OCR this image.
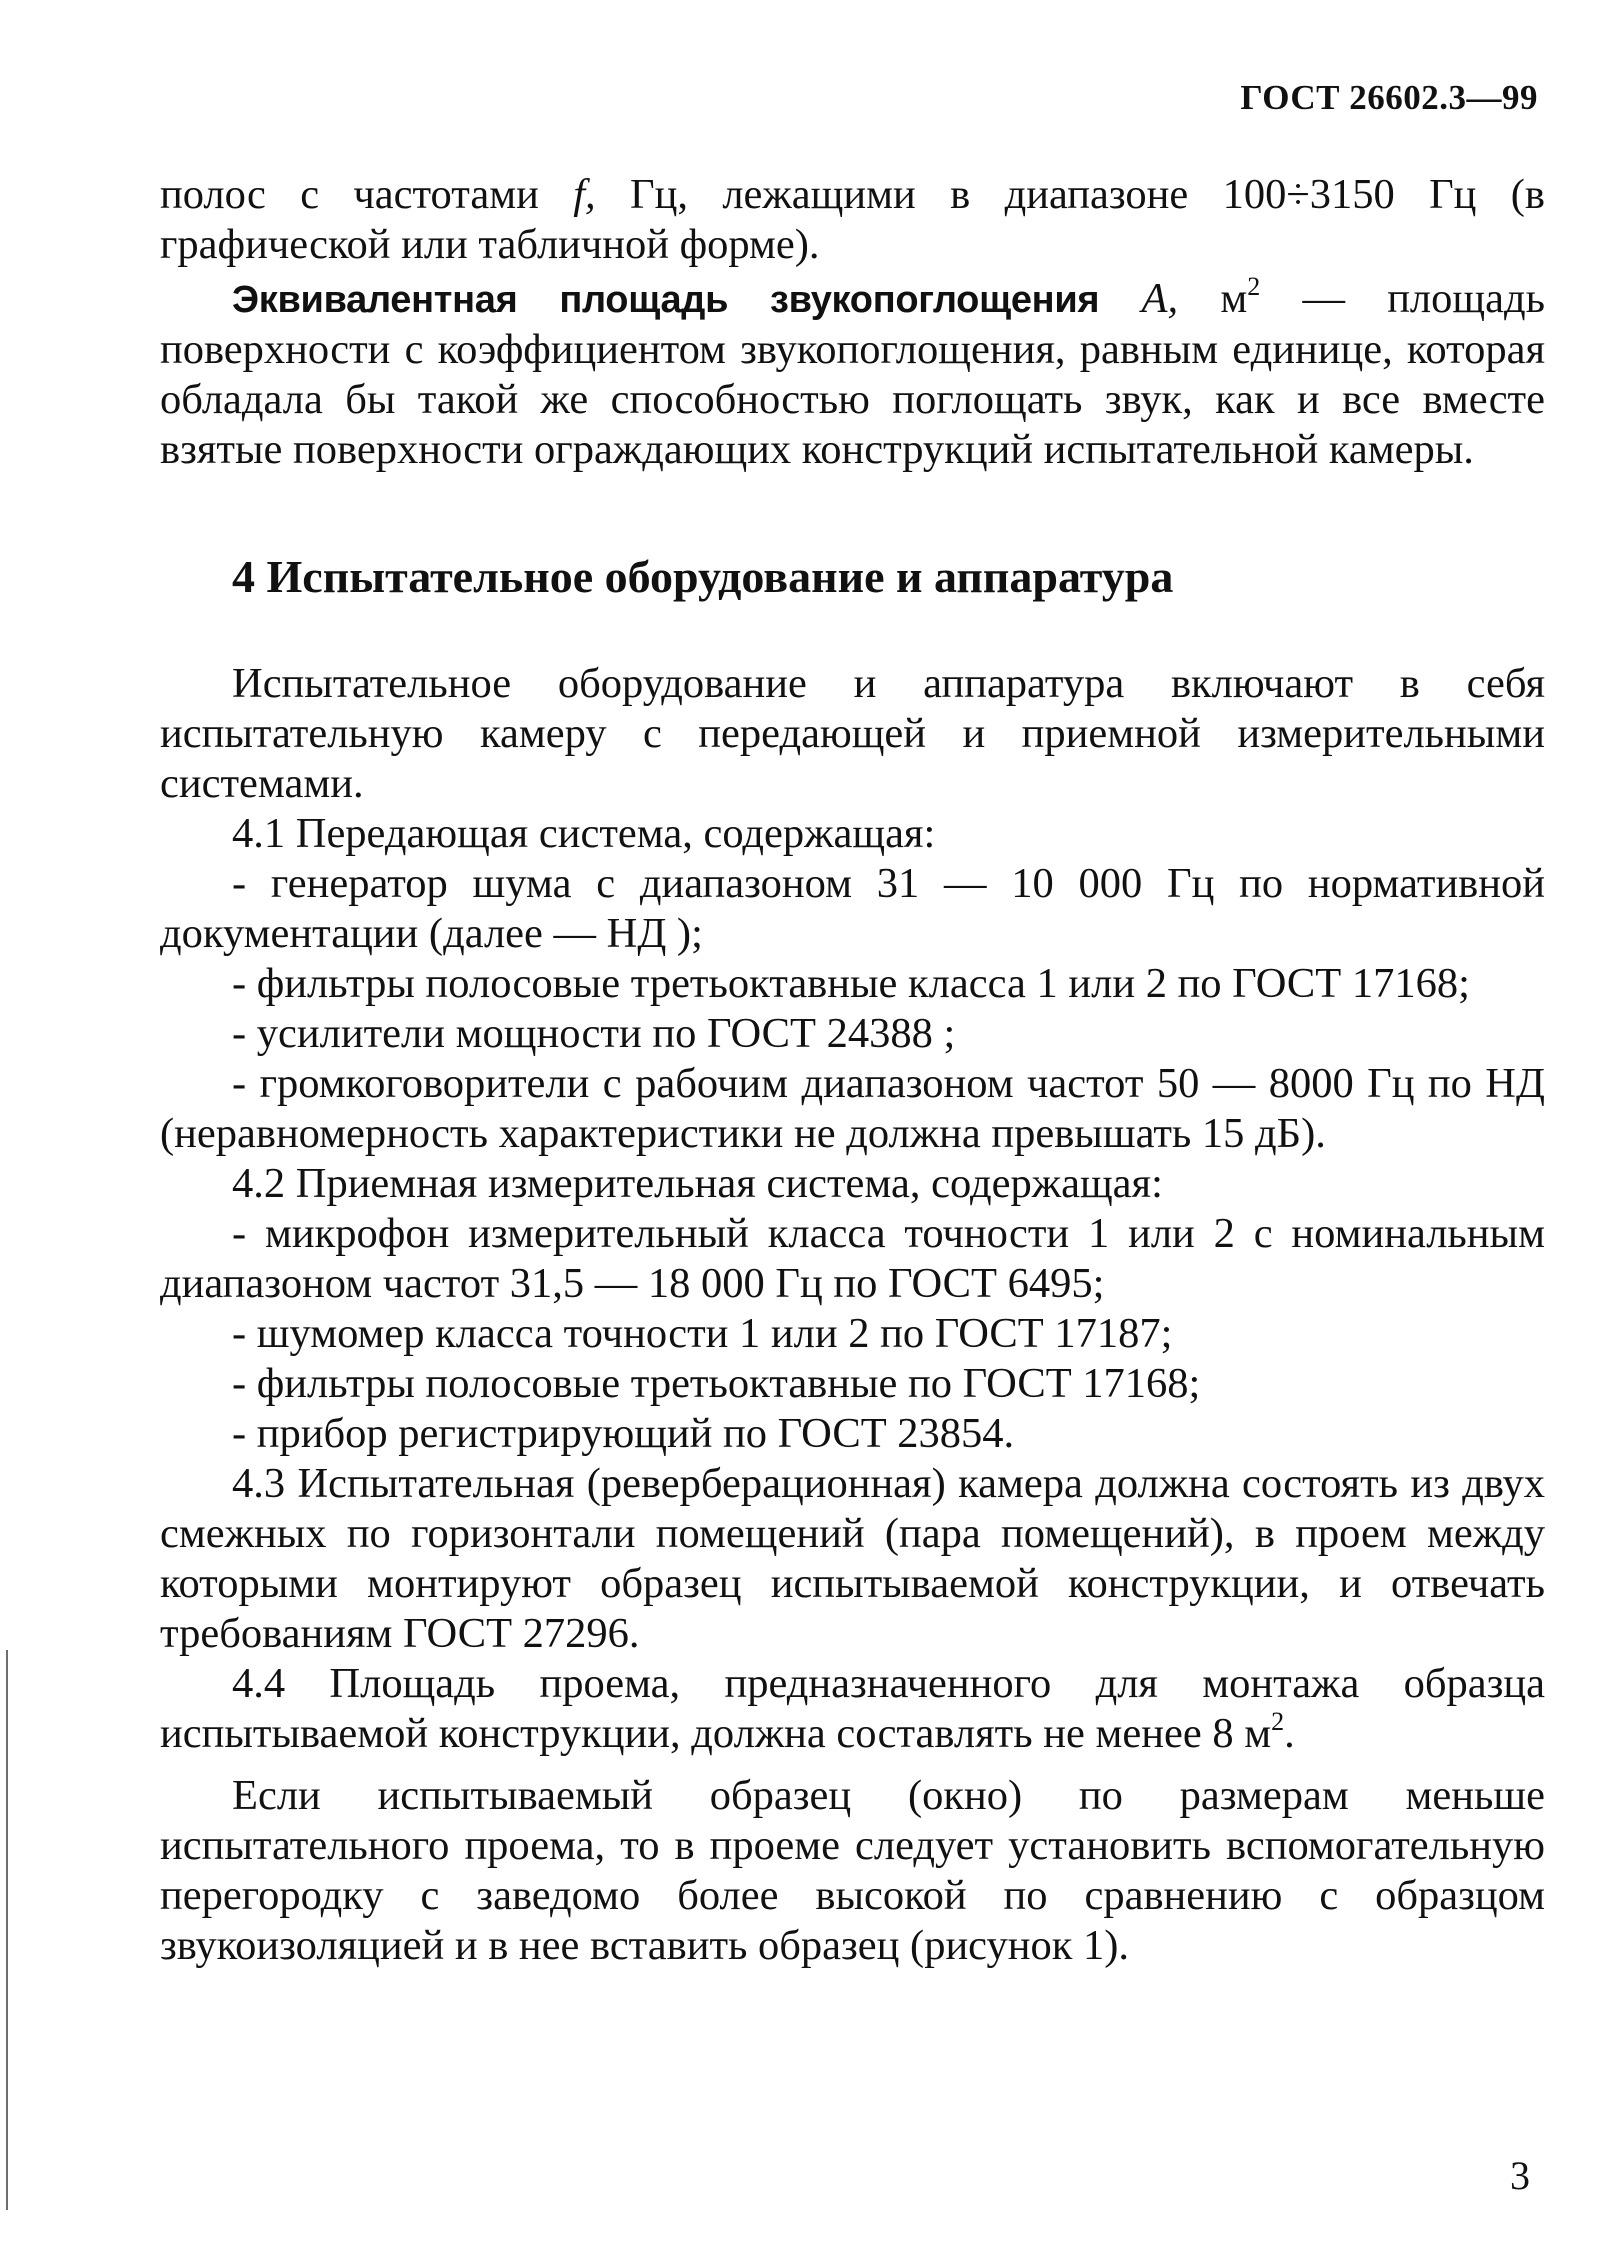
ГОСТ 26602.3—99

полос с частотами f, Гц, лежащими в диапазоне 100÷3150 Гц (в графической или табличной форме).

Эквивалентная площадь звукопоглощения A, $м^2$ — площадь поверхности с коэффициентом звукопоглощения, равным единице, которая обладала бы такой же способностью поглощать звук, как и все вместе взятые поверхности ограждающих конструкций испытательной камеры.

4 Испытательное оборудование и аппаратура

Испытательное оборудование и аппаратура включают в себя испытательную камеру с передающей и приемной измерительными системами.

4.1 Передающая система, содержащая:

- генератор шума с диапазоном 31 — 10 000 Гц по нормативной документации (далее — НД );

- фильтры полосовые третьоктавные класса 1 или 2 по ГОСТ 17168;

- усилители мощности по ГОСТ 24388 ;

- громкоговорители с рабочим диапазоном частот 50 — 8000 Гц по НД (неравномерность характеристики не должна превышать 15 дБ).

4.2 Приемная измерительная система, содержащая:

- микрофон измерительный класса точности 1 или 2 с номинальным диапазоном частот 31,5 — 18 000 Гц по ГОСТ 6495;

- шумомер класса точности 1 или 2 по ГОСТ 17187;

- фильтры полосовые третьоктавные по ГОСТ 17168;

- прибор регистрирующий по ГОСТ 23854.

4.3 Испытательная (реверберационная) камера должна состоять из двух смежных по горизонтали помещений (пара помещений), в проем между которыми монтируют образец испытываемой конструкции, и отвечать требованиям ГОСТ 27296.

4.4 Площадь проема, предназначенного для монтажа образца испытываемой конструкции, должна составлять не менее 8 $м^2$.

Если испытываемый образец (окно) по размерам меньше испытательного проема, то в проеме следует установить вспомогательную перегородку с заведомо более высокой по сравнению с образцом звукоизоляцией и в нее вставить образец (рисунок 1).

3
